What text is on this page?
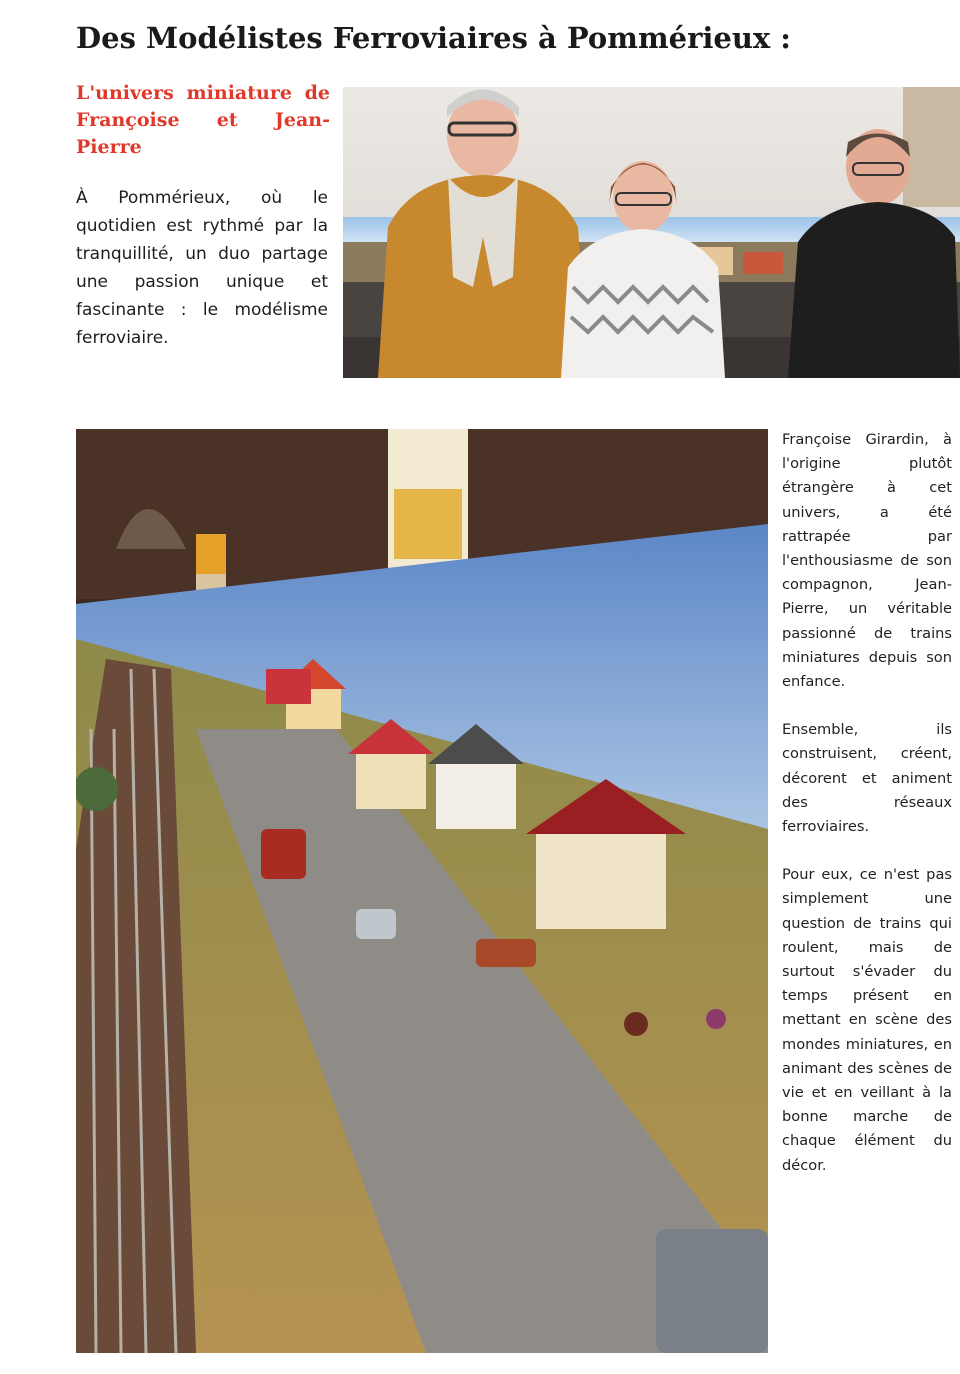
Des Modélistes Ferroviaires à Pommérieux :
L'univers miniature de Françoise et Jean-Pierre
À Pommérieux, où le quotidien est rythmé par la tranquillité, un duo partage une passion unique et fascinante : le modélisme ferroviaire.

Françoise Girardin, à l'origine plutôt étrangère à cet univers, a été rattrapée par l'enthousiasme de son compagnon, Jean-Pierre, un véritable passionné de trains miniatures depuis son enfance.

Ensemble, ils construisent, créent, décorent et animent des réseaux ferroviaires.

Pour eux, ce n'est pas simplement une question de trains qui roulent, mais de surtout s'évader du temps présent en mettant en scène des mondes miniatures, en animant des scènes de vie et en veillant à la bonne marche de chaque élément du décor.
